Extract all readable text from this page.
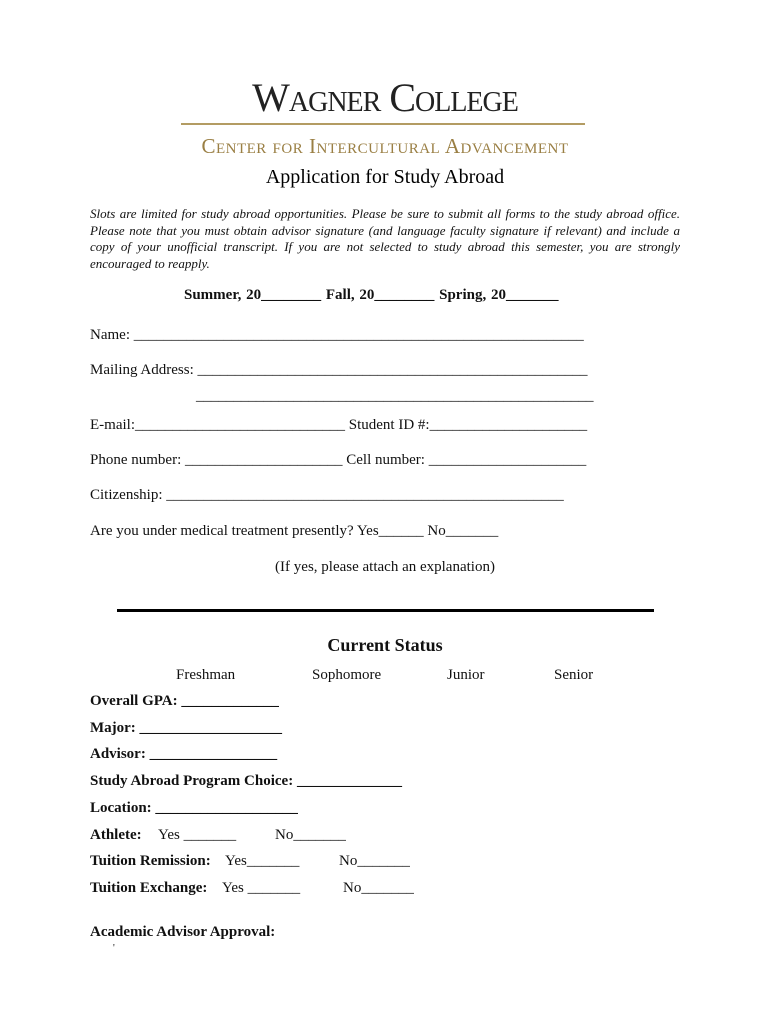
Wagner College
Center for Intercultural Advancement
Application for Study Abroad
Slots are limited for study abroad opportunities. Please be sure to submit all forms to the study abroad office. Please note that you must obtain advisor signature (and language faculty signature if relevant) and include a copy of your unofficial transcript. If you are not selected to study abroad this semester, you are strongly encouraged to reapply.
Summer, 20________ Fall, 20________ Spring, 20_______
Name: ____________________________________________________________
Mailing Address: ____________________________________________________
_____________________________________________________
E-mail:____________________________ Student ID #:_____________________
Phone number: _____________________ Cell number: _____________________
Citizenship: _____________________________________________________
Are you under medical treatment presently? Yes______ No_______
(If yes, please attach an explanation)
Current Status
Freshman	Sophomore	Junior	Senior
Overall GPA: _____________
Major: ___________________
Advisor: _________________
Study Abroad Program Choice: ______________
Location: ___________________
Athlete: Yes _______	No_______
Tuition Remission: Yes_______	No_______
Tuition Exchange: Yes _______	No_______
Academic Advisor Approval:
'
